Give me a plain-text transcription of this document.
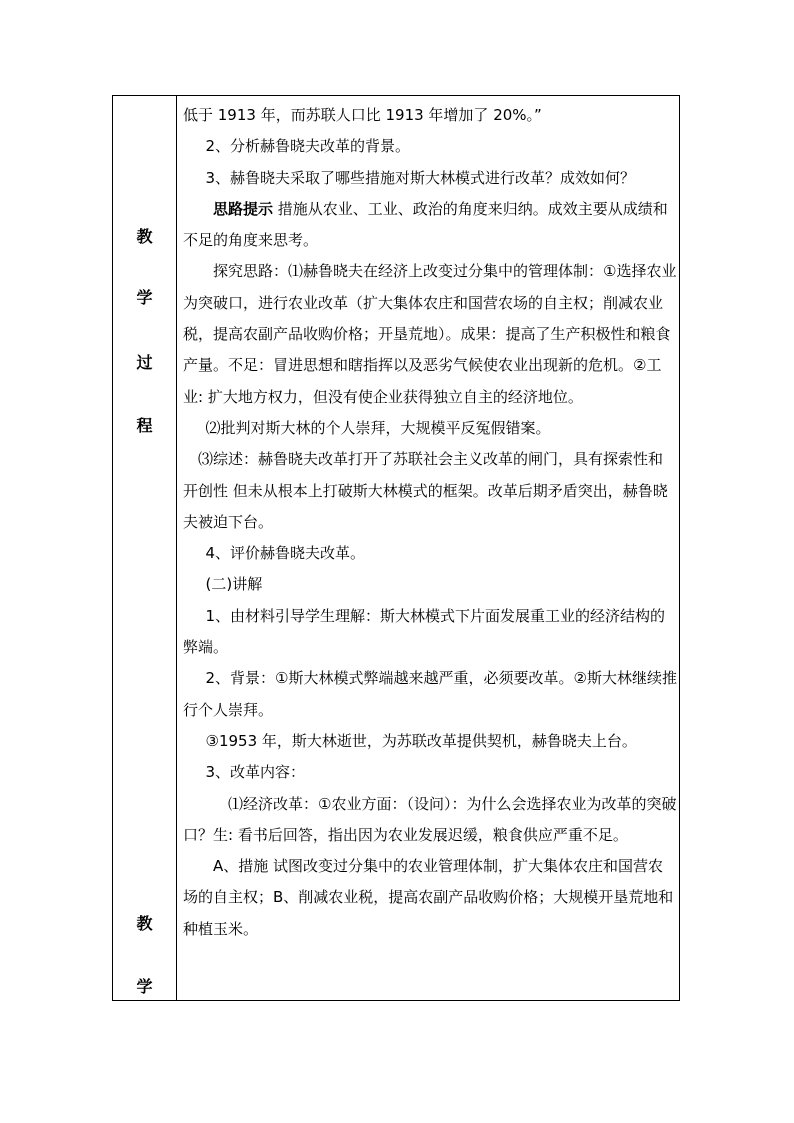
教
学
过
程
教
学

低于 1913 年，而苏联人口比 1913 年增加了 20%。”

2、分析赫鲁晓夫改革的背景。

3、赫鲁晓夫采取了哪些措施对斯大林模式进行改革？成效如何？

思路提示 措施从农业、工业、政治的角度来归纳。成效主要从成绩和不足的角度来思考。

探究思路：⑴赫鲁晓夫在经济上改变过分集中的管理体制：①选择农业为突破口，进行农业改革（扩大集体农庄和国营农场的自主权；削减农业税，提高农副产品收购价格；开垦荒地）。成果：提高了生产积极性和粮食产量。不足：冒进思想和瞎指挥以及恶劣气候使农业出现新的危机。②工业: 扩大地方权力，但没有使企业获得独立自主的经济地位。

⑵批判对斯大林的个人崇拜，大规模平反冤假错案。

⑶综述：赫鲁晓夫改革打开了苏联社会主义改革的闸门，具有探索性和开创性 但未从根本上打破斯大林模式的框架。改革后期矛盾突出，赫鲁晓夫被迫下台。

4、评价赫鲁晓夫改革。

(二)讲解

1、由材料引导学生理解：斯大林模式下片面发展重工业的经济结构的弊端。

2、背景：①斯大林模式弊端越来越严重，必须要改革。②斯大林继续推行个人崇拜。

③1953 年，斯大林逝世，为苏联改革提供契机，赫鲁晓夫上台。

3、改革内容：

⑴经济改革：①农业方面：（设问）：为什么会选择农业为改革的突破口？生: 看书后回答，指出因为农业发展迟缓，粮食供应严重不足。

A、措施 试图改变过分集中的农业管理体制，扩大集体农庄和国营农场的自主权；B、削减农业税，提高农副产品收购价格；大规模开垦荒地和种植玉米。
